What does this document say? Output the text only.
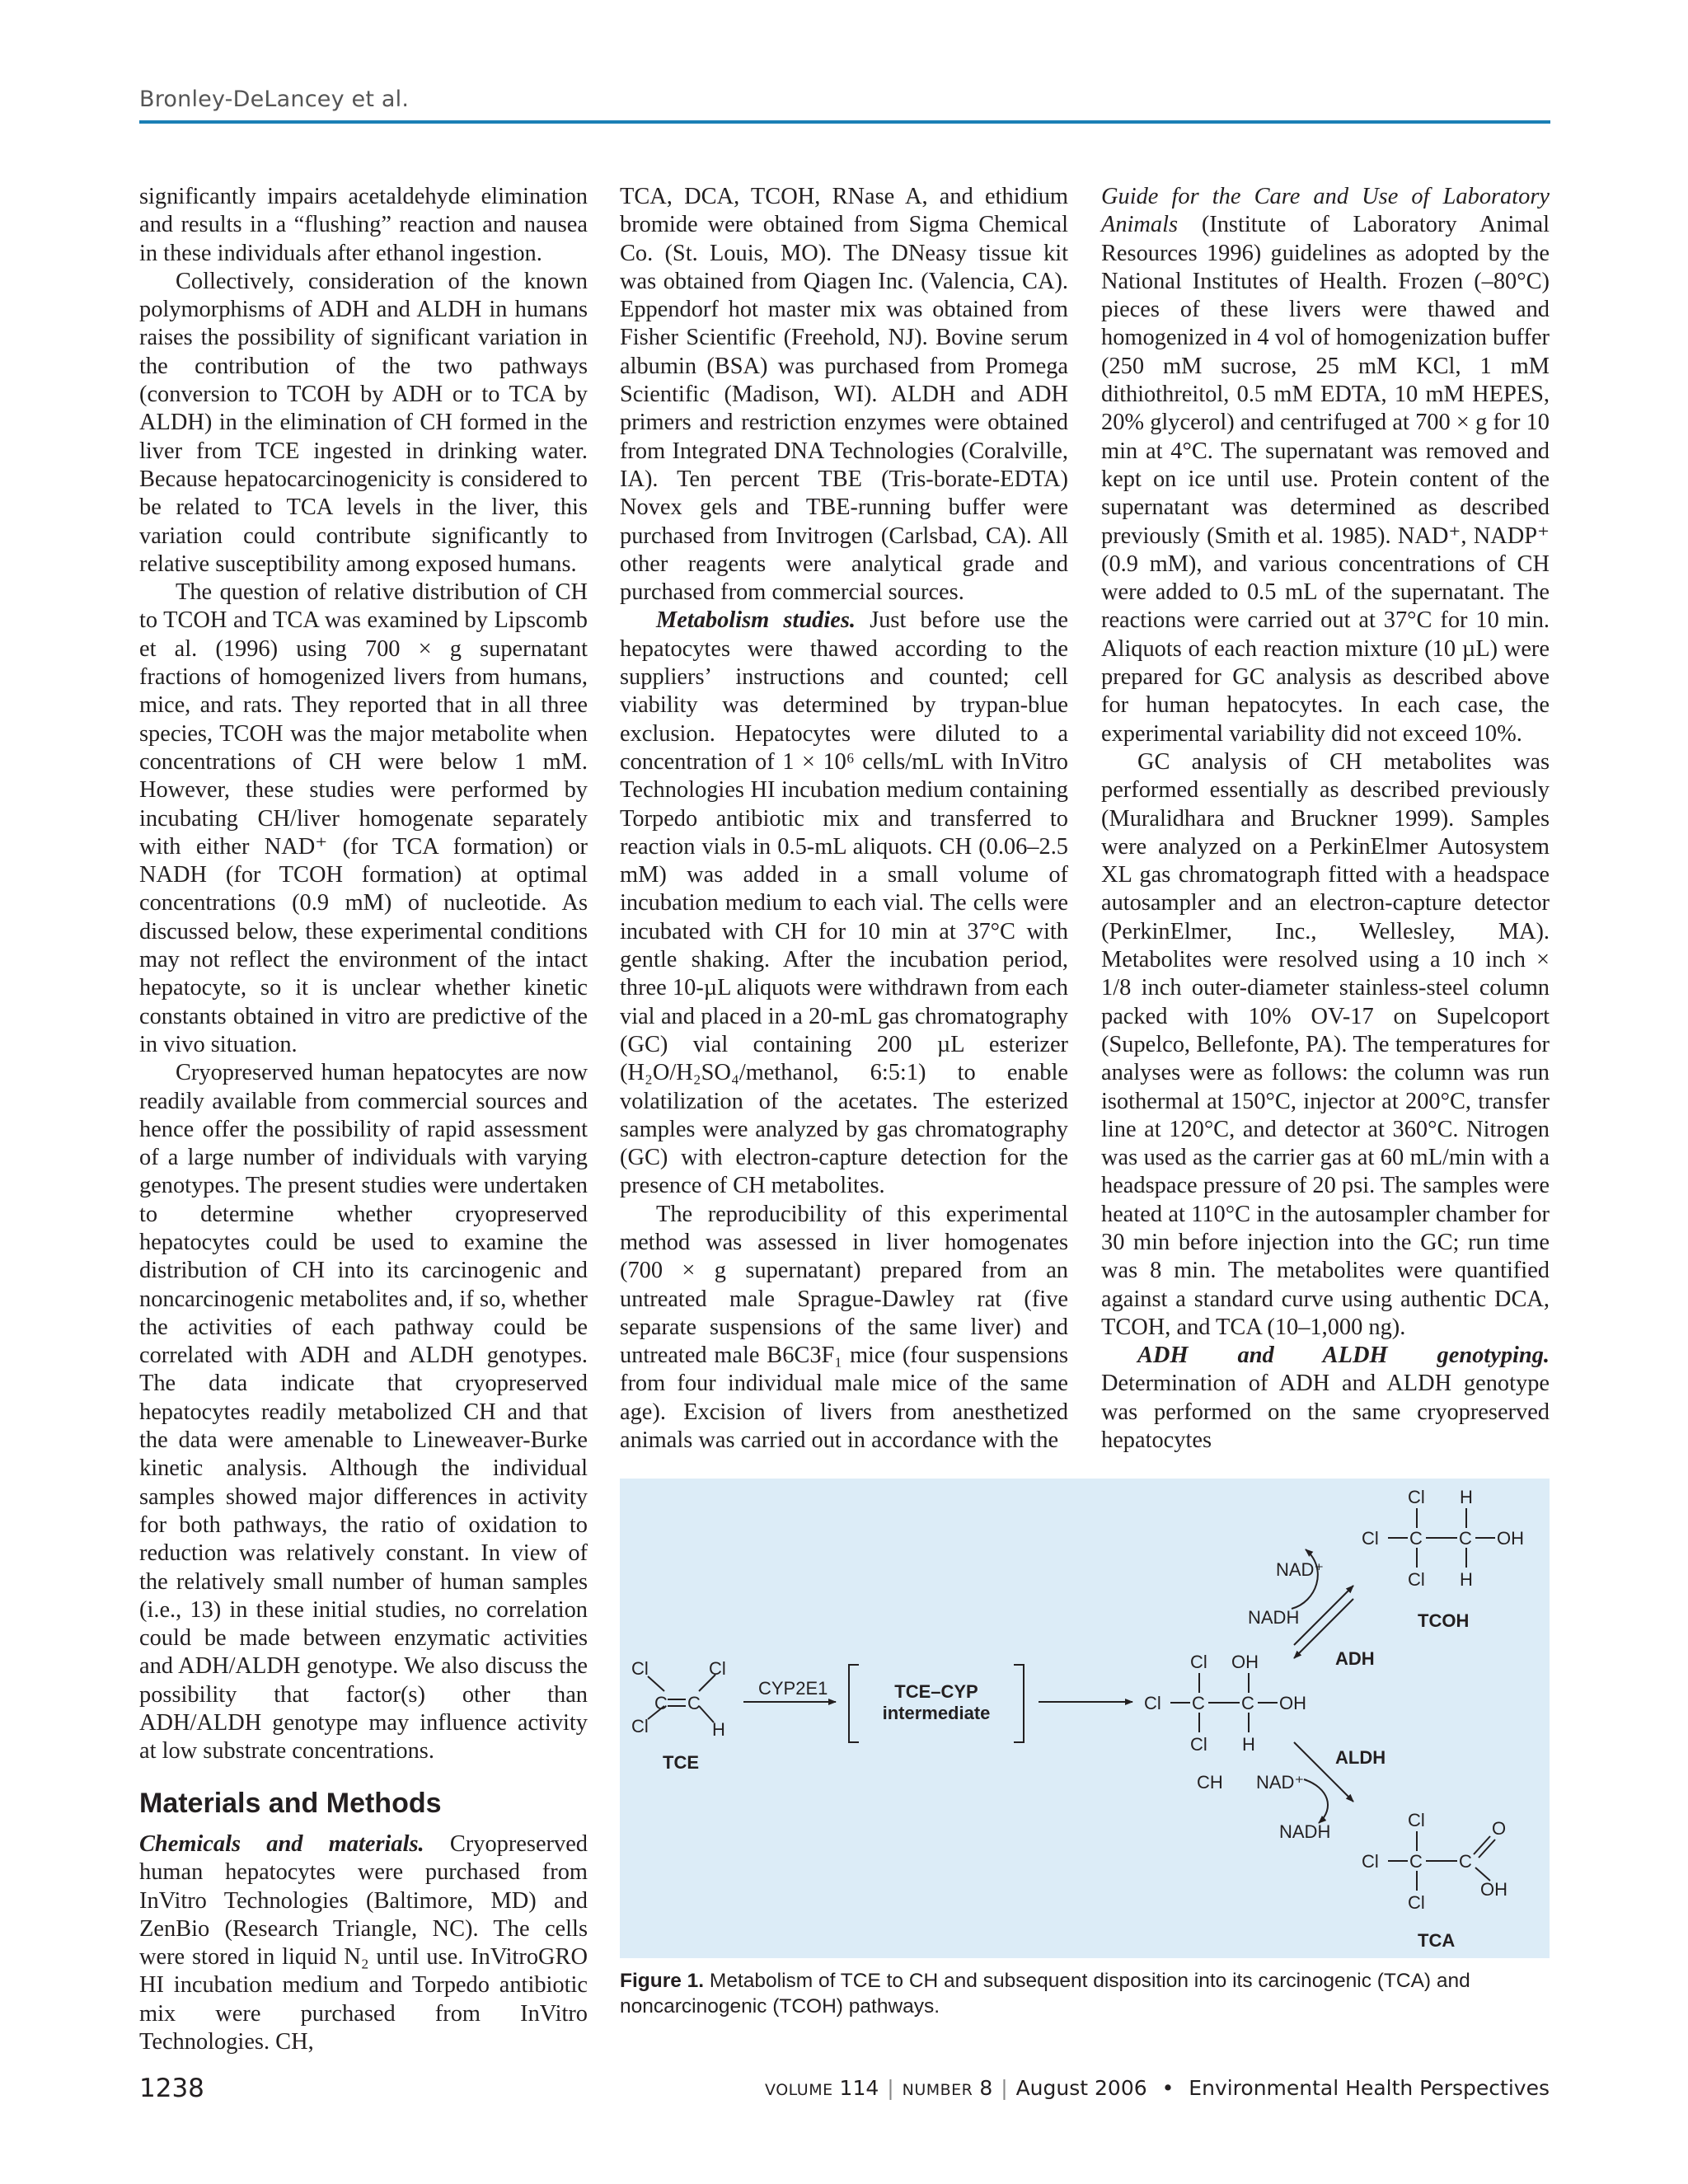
Bronley-DeLancey et al.

significantly impairs acetaldehyde elimination and results in a “flushing” reaction and nausea in these individuals after ethanol ingestion.

Collectively, consideration of the known polymorphisms of ADH and ALDH in humans raises the possibility of significant variation in the contribution of the two pathways (conversion to TCOH by ADH or to TCA by ALDH) in the elimination of CH formed in the liver from TCE ingested in drinking water. Because hepatocarcinogenicity is considered to be related to TCA levels in the liver, this variation could contribute significantly to relative susceptibility among exposed humans.

The question of relative distribution of CH to TCOH and TCA was examined by Lipscomb et al. (1996) using 700 × g supernatant fractions of homogenized livers from humans, mice, and rats. They reported that in all three species, TCOH was the major metabolite when concentrations of CH were below 1 mM. However, these studies were performed by incubating CH/liver homogenate separately with either NAD⁺ (for TCA formation) or NADH (for TCOH formation) at optimal concentrations (0.9 mM) of nucleotide. As discussed below, these experimental conditions may not reflect the environment of the intact hepatocyte, so it is unclear whether kinetic constants obtained in vitro are predictive of the in vivo situation.

Cryopreserved human hepatocytes are now readily available from commercial sources and hence offer the possibility of rapid assessment of a large number of individuals with varying genotypes. The present studies were undertaken to determine whether cryopreserved hepatocytes could be used to examine the distribution of CH into its carcinogenic and noncarcinogenic metabolites and, if so, whether the activities of each pathway could be correlated with ADH and ALDH genotypes. The data indicate that cryopreserved hepatocytes readily metabolized CH and that the data were amenable to Lineweaver-Burke kinetic analysis. Although the individual samples showed major differences in activity for both pathways, the ratio of oxidation to reduction was relatively constant. In view of the relatively small number of human samples (i.e., 13) in these initial studies, no correlation could be made between enzymatic activities and ADH/ALDH genotype. We also discuss the possibility that factor(s) other than ADH/ALDH genotype may influence activity at low substrate concentrations.

Materials and Methods

Chemicals and materials. Cryopreserved human hepatocytes were purchased from InVitro Technologies (Baltimore, MD) and ZenBio (Research Triangle, NC). The cells were stored in liquid N₂ until use. InVitroGRO HI incubation medium and Torpedo antibiotic mix were purchased from InVitro Technologies. CH,

TCA, DCA, TCOH, RNase A, and ethidium bromide were obtained from Sigma Chemical Co. (St. Louis, MO). The DNeasy tissue kit was obtained from Qiagen Inc. (Valencia, CA). Eppendorf hot master mix was obtained from Fisher Scientific (Freehold, NJ). Bovine serum albumin (BSA) was purchased from Promega Scientific (Madison, WI). ALDH and ADH primers and restriction enzymes were obtained from Integrated DNA Technologies (Coralville, IA). Ten percent TBE (Tris-borate-EDTA) Novex gels and TBE-running buffer were purchased from Invitrogen (Carlsbad, CA). All other reagents were analytical grade and purchased from commercial sources.

Metabolism studies. Just before use the hepatocytes were thawed according to the suppliers’ instructions and counted; cell viability was determined by trypan-blue exclusion. Hepatocytes were diluted to a concentration of 1 × 10⁶ cells/mL with InVitro Technologies HI incubation medium containing Torpedo antibiotic mix and transferred to reaction vials in 0.5-mL aliquots. CH (0.06–2.5 mM) was added in a small volume of incubation medium to each vial. The cells were incubated with CH for 10 min at 37°C with gentle shaking. After the incubation period, three 10-µL aliquots were withdrawn from each vial and placed in a 20-mL gas chromatography (GC) vial containing 200 µL esterizer (H₂O/H₂SO₄/methanol, 6:5:1) to enable volatilization of the acetates. The esterized samples were analyzed by gas chromatography (GC) with electron-capture detection for the presence of CH metabolites.

The reproducibility of this experimental method was assessed in liver homogenates (700 × g supernatant) prepared from an untreated male Sprague-Dawley rat (five separate suspensions of the same liver) and untreated male B6C3F₁ mice (four suspensions from four individual male mice of the same age). Excision of livers from anesthetized animals was carried out in accordance with the

Guide for the Care and Use of Laboratory Animals (Institute of Laboratory Animal Resources 1996) guidelines as adopted by the National Institutes of Health. Frozen (–80°C) pieces of these livers were thawed and homogenized in 4 vol of homogenization buffer (250 mM sucrose, 25 mM KCl, 1 mM dithiothreitol, 0.5 mM EDTA, 10 mM HEPES, 20% glycerol) and centrifuged at 700 × g for 10 min at 4°C. The supernatant was removed and kept on ice until use. Protein content of the supernatant was determined as described previously (Smith et al. 1985). NAD⁺, NADP⁺ (0.9 mM), and various concentrations of CH were added to 0.5 mL of the supernatant. The reactions were carried out at 37°C for 10 min. Aliquots of each reaction mixture (10 µL) were prepared for GC analysis as described above for human hepatocytes. In each case, the experimental variability did not exceed 10%.

GC analysis of CH metabolites was performed essentially as described previously (Muralidhara and Bruckner 1999). Samples were analyzed on a PerkinElmer Autosystem XL gas chromatograph fitted with a headspace autosampler and an electron-capture detector (PerkinElmer, Inc., Wellesley, MA). Metabolites were resolved using a 10 inch × 1/8 inch outer-diameter stainless-steel column packed with 10% OV-17 on Supelcoport (Supelco, Bellefonte, PA). The temperatures for analyses were as follows: the column was run isothermal at 150°C, injector at 200°C, transfer line at 120°C, and detector at 360°C. Nitrogen was used as the carrier gas at 60 mL/min with a headspace pressure of 20 psi. The samples were heated at 110°C in the autosampler chamber for 30 min before injection into the GC; run time was 8 min. The metabolites were quantified against a standard curve using authentic DCA, TCOH, and TCA (10–1,000 ng).

ADH and ALDH genotyping. Determination of ADH and ALDH genotype was performed on the same cryopreserved hepatocytes

Cl
Cl
Cl
H
C C
TCE
CYP2E1	TCE–CYP
intermediate	Cl C C OH
Cl
Cl
OH
H
CH
Cl C C OH
Cl
Cl
H
H
TCOH
Cl C C
Cl
Cl
O
OH
TCA
ADH
ALDH
NAD⁺
NADH
NAD⁺
NADH
Figure 1. Metabolism of TCE to CH and subsequent disposition into its carcinogenic (TCA) and noncarcinogenic (TCOH) pathways.
1238	VOLUME 114 | NUMBER 8 | August 2006 • Environmental Health Perspectives
